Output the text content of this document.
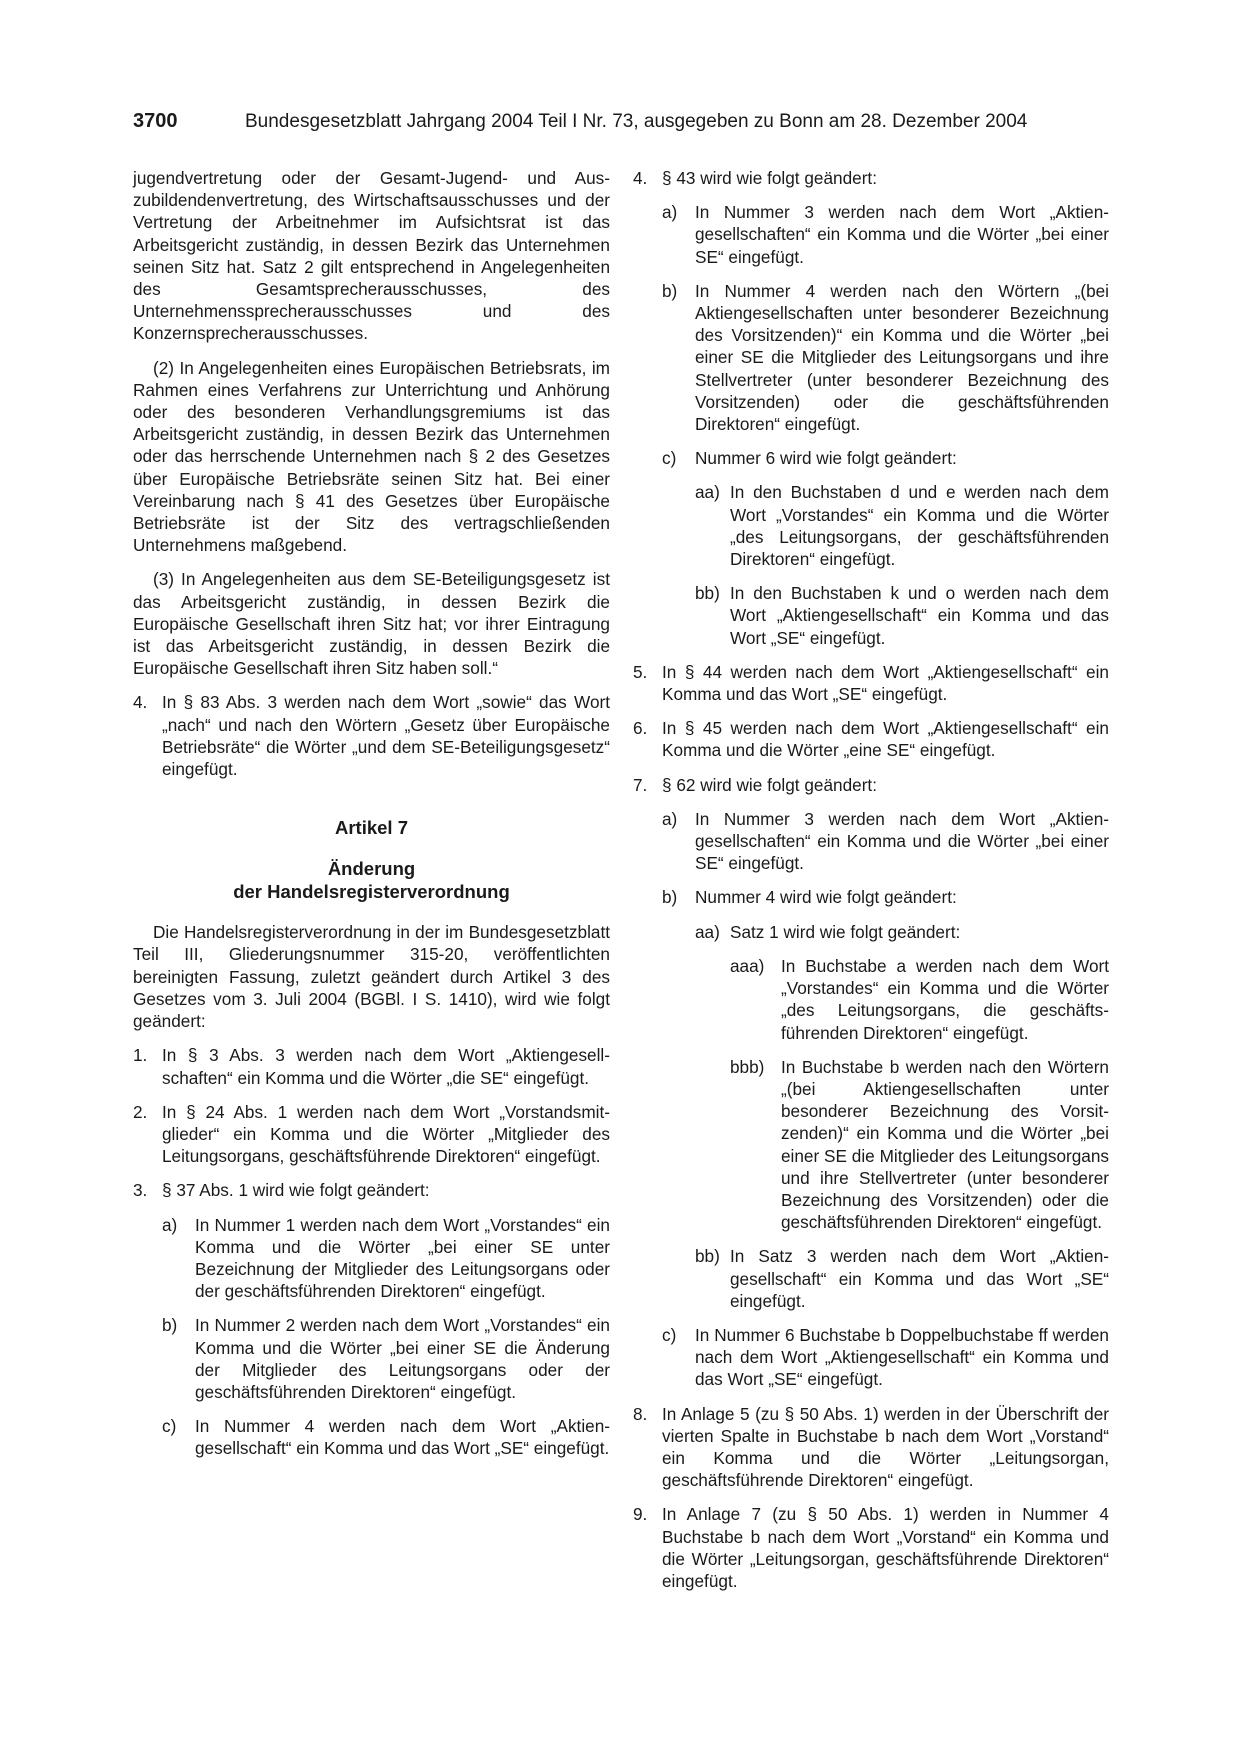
3700	Bundesgesetzblatt Jahrgang 2004 Teil I Nr. 73, ausgegeben zu Bonn am 28. Dezember 2004

jugendvertretung oder der Gesamt-Jugend- und Auszubildendenvertretung, des Wirtschaftsausschusses und der Vertretung der Arbeitnehmer im Aufsichtsrat ist das Arbeitsgericht zuständig, in dessen Bezirk das Unternehmen seinen Sitz hat. Satz 2 gilt entsprechend in Angelegenheiten des Gesamtsprecherausschusses, des Unternehmenssprecherausschusses und des Konzernsprecherausschusses.

(2) In Angelegenheiten eines Europäischen Betriebsrats, im Rahmen eines Verfahrens zur Unterrichtung und Anhörung oder des besonderen Verhandlungsgremiums ist das Arbeitsgericht zuständig, in dessen Bezirk das Unternehmen oder das herrschende Unternehmen nach § 2 des Gesetzes über Europäische Betriebsräte seinen Sitz hat. Bei einer Vereinbarung nach § 41 des Gesetzes über Europäische Betriebsräte ist der Sitz des vertragschließenden Unternehmens maßgebend.

(3) In Angelegenheiten aus dem SE-Beteiligungsgesetz ist das Arbeitsgericht zuständig, in dessen Bezirk die Europäische Gesellschaft ihren Sitz hat; vor ihrer Eintragung ist das Arbeitsgericht zuständig, in dessen Bezirk die Europäische Gesellschaft ihren Sitz haben soll.“

4. In § 83 Abs. 3 werden nach dem Wort „sowie“ das Wort „nach“ und nach den Wörtern „Gesetz über Europäische Betriebsräte“ die Wörter „und dem SE-Beteiligungsgesetz“ eingefügt.

Artikel 7

Änderung
der Handelsregisterverordnung

Die Handelsregisterverordnung in der im Bundesgesetzblatt Teil III, Gliederungsnummer 315-20, veröffentlichten bereinigten Fassung, zuletzt geändert durch Artikel 3 des Gesetzes vom 3. Juli 2004 (BGBl. I S. 1410), wird wie folgt geändert:

1. In § 3 Abs. 3 werden nach dem Wort „Aktiengesellschaften“ ein Komma und die Wörter „die SE“ eingefügt.
2. In § 24 Abs. 1 werden nach dem Wort „Vorstandsmitglieder“ ein Komma und die Wörter „Mitglieder des Leitungsorgans, geschäftsführende Direktoren“ eingefügt.
3. § 37 Abs. 1 wird wie folgt geändert:
a) In Nummer 1 werden nach dem Wort „Vorstandes“ ein Komma und die Wörter „bei einer SE unter Bezeichnung der Mitglieder des Leitungsorgans oder der geschäftsführenden Direktoren“ eingefügt.
b) In Nummer 2 werden nach dem Wort „Vorstandes“ ein Komma und die Wörter „bei einer SE die Änderung der Mitglieder des Leitungsorgans oder der geschäftsführenden Direktoren“ eingefügt.
c) In Nummer 4 werden nach dem Wort „Aktiengesellschaft“ ein Komma und das Wort „SE“ eingefügt.
4. § 43 wird wie folgt geändert:
a) In Nummer 3 werden nach dem Wort „Aktiengesellschaften“ ein Komma und die Wörter „bei einer SE“ eingefügt.
b) In Nummer 4 werden nach den Wörtern „(bei Aktiengesellschaften unter besonderer Bezeichnung des Vorsitzenden)“ ein Komma und die Wörter „bei einer SE die Mitglieder des Leitungsorgans und ihre Stellvertreter (unter besonderer Bezeichnung des Vorsitzenden) oder die geschäftsführenden Direktoren“ eingefügt.
c) Nummer 6 wird wie folgt geändert:
aa) In den Buchstaben d und e werden nach dem Wort „Vorstandes“ ein Komma und die Wörter „des Leitungsorgans, der geschäftsführenden Direktoren“ eingefügt.
bb) In den Buchstaben k und o werden nach dem Wort „Aktiengesellschaft“ ein Komma und das Wort „SE“ eingefügt.
5. In § 44 werden nach dem Wort „Aktiengesellschaft“ ein Komma und das Wort „SE“ eingefügt.
6. In § 45 werden nach dem Wort „Aktiengesellschaft“ ein Komma und die Wörter „eine SE“ eingefügt.
7. § 62 wird wie folgt geändert:
a) In Nummer 3 werden nach dem Wort „Aktiengesellschaften“ ein Komma und die Wörter „bei einer SE“ eingefügt.
b) Nummer 4 wird wie folgt geändert:
aa) Satz 1 wird wie folgt geändert:
aaa) In Buchstabe a werden nach dem Wort „Vorstandes“ ein Komma und die Wörter „des Leitungsorgans, die geschäftsführenden Direktoren“ eingefügt.
bbb) In Buchstabe b werden nach den Wörtern „(bei Aktiengesellschaften unter besonderer Bezeichnung des Vorsitzenden)“ ein Komma und die Wörter „bei einer SE die Mitglieder des Leitungsorgans und ihre Stellvertreter (unter besonderer Bezeichnung des Vorsitzenden) oder die geschäftsführenden Direktoren“ eingefügt.
bb) In Satz 3 werden nach dem Wort „Aktiengesellschaft“ ein Komma und das Wort „SE“ eingefügt.
c) In Nummer 6 Buchstabe b Doppelbuchstabe ff werden nach dem Wort „Aktiengesellschaft“ ein Komma und das Wort „SE“ eingefügt.
8. In Anlage 5 (zu § 50 Abs. 1) werden in der Überschrift der vierten Spalte in Buchstabe b nach dem Wort „Vorstand“ ein Komma und die Wörter „Leitungsorgan, geschäftsführende Direktoren“ eingefügt.
9. In Anlage 7 (zu § 50 Abs. 1) werden in Nummer 4 Buchstabe b nach dem Wort „Vorstand“ ein Komma und die Wörter „Leitungsorgan, geschäftsführende Direktoren“ eingefügt.
